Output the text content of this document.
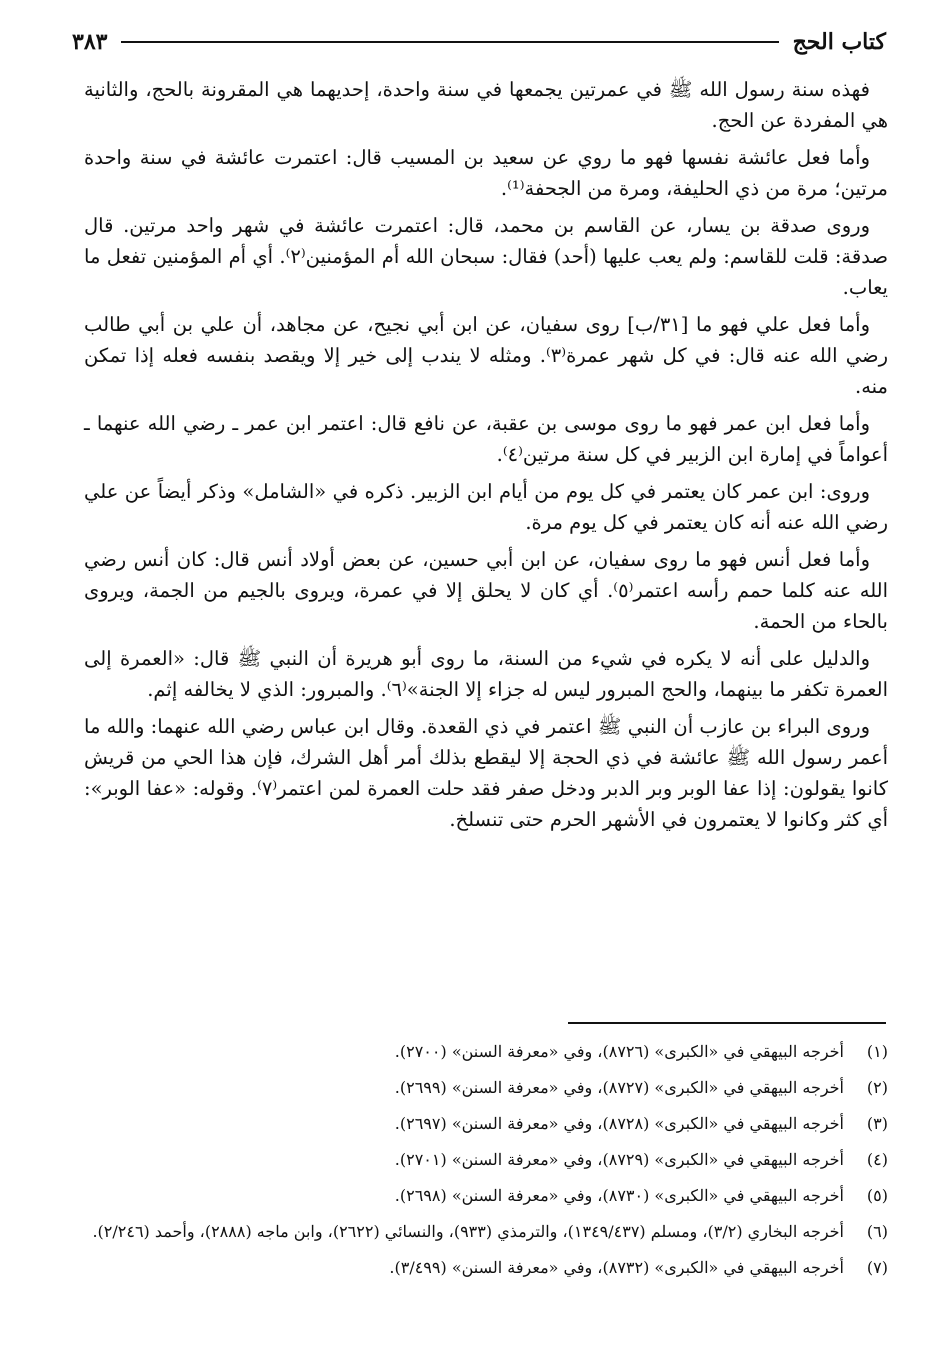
كتاب الحج
٣٨٣

فهذه سنة رسول الله ﷺ في عمرتين يجمعها في سنة واحدة، إحديهما هي المقرونة بالحج، والثانية هي المفردة عن الحج.

وأما فعل عائشة نفسها فهو ما روي عن سعيد بن المسيب قال: اعتمرت عائشة في سنة واحدة مرتين؛ مرة من ذي الحليفة، ومرة من الجحفة⁽¹⁾.

وروى صدقة بن يسار، عن القاسم بن محمد، قال: اعتمرت عائشة في شهر واحد مرتين. قال صدقة: قلت للقاسم: ولم يعب عليها (أحد) فقال: سبحان الله أم المؤمنين⁽٢⁾. أي أم المؤمنين تفعل ما يعاب.

وأما فعل علي فهو ما [٣١/ب] روى سفيان، عن ابن أبي نجيح، عن مجاهد، أن علي بن أبي طالب رضي الله عنه قال: في كل شهر عمرة⁽٣⁾. ومثله لا يندب إلى خير إلا ويقصد بنفسه فعله إذا تمكن منه.

وأما فعل ابن عمر فهو ما روى موسى بن عقبة، عن نافع قال: اعتمر ابن عمر ـ رضي الله عنهما ـ أعواماً في إمارة ابن الزبير في كل سنة مرتين⁽٤⁾.

وروى: ابن عمر كان يعتمر في كل يوم من أيام ابن الزبير. ذكره في «الشامل» وذكر أيضاً عن علي رضي الله عنه أنه كان يعتمر في كل يوم مرة.

وأما فعل أنس فهو ما روى سفيان، عن ابن أبي حسين، عن بعض أولاد أنس قال: كان أنس رضي الله عنه كلما حمم رأسه اعتمر⁽٥⁾. أي كان لا يحلق إلا في عمرة، ويروى بالجيم من الجمة، ويروى بالحاء من الحمة.

والدليل على أنه لا يكره في شيء من السنة، ما روى أبو هريرة أن النبي ﷺ قال: «العمرة إلى العمرة تكفر ما بينهما، والحج المبرور ليس له جزاء إلا الجنة»⁽٦⁾. والمبرور: الذي لا يخالفه إثم.

وروى البراء بن عازب أن النبي ﷺ اعتمر في ذي القعدة. وقال ابن عباس رضي الله عنهما: والله ما أعمر رسول الله ﷺ عائشة في ذي الحجة إلا ليقطع بذلك أمر أهل الشرك، فإن هذا الحي من قريش كانوا يقولون: إذا عفا الوبر وبر الدبر ودخل صفر فقد حلت العمرة لمن اعتمر⁽٧⁾. وقوله: «عفا الوبر»: أي كثر وكانوا لا يعتمرون في الأشهر الحرم حتى تنسلخ.

(١)
أخرجه البيهقي في «الكبرى» (٨٧٢٦)، وفي «معرفة السنن» (٢٧٠٠).
(٢)
أخرجه البيهقي في «الكبرى» (٨٧٢٧)، وفي «معرفة السنن» (٢٦٩٩).
(٣)
أخرجه البيهقي في «الكبرى» (٨٧٢٨)، وفي «معرفة السنن» (٢٦٩٧).
(٤)
أخرجه البيهقي في «الكبرى» (٨٧٢٩)، وفي «معرفة السنن» (٢٧٠١).
(٥)
أخرجه البيهقي في «الكبرى» (٨٧٣٠)، وفي «معرفة السنن» (٢٦٩٨).
(٦)
أخرجه البخاري (٣/٢)، ومسلم (١٣٤٩/٤٣٧)، والترمذي (٩٣٣)، والنسائي (٢٦٢٢)، وابن ماجه (٢٨٨٨)، وأحمد (٢/٢٤٦).
(٧)
أخرجه البيهقي في «الكبرى» (٨٧٣٢)، وفي «معرفة السنن» (٣/٤٩٩).
